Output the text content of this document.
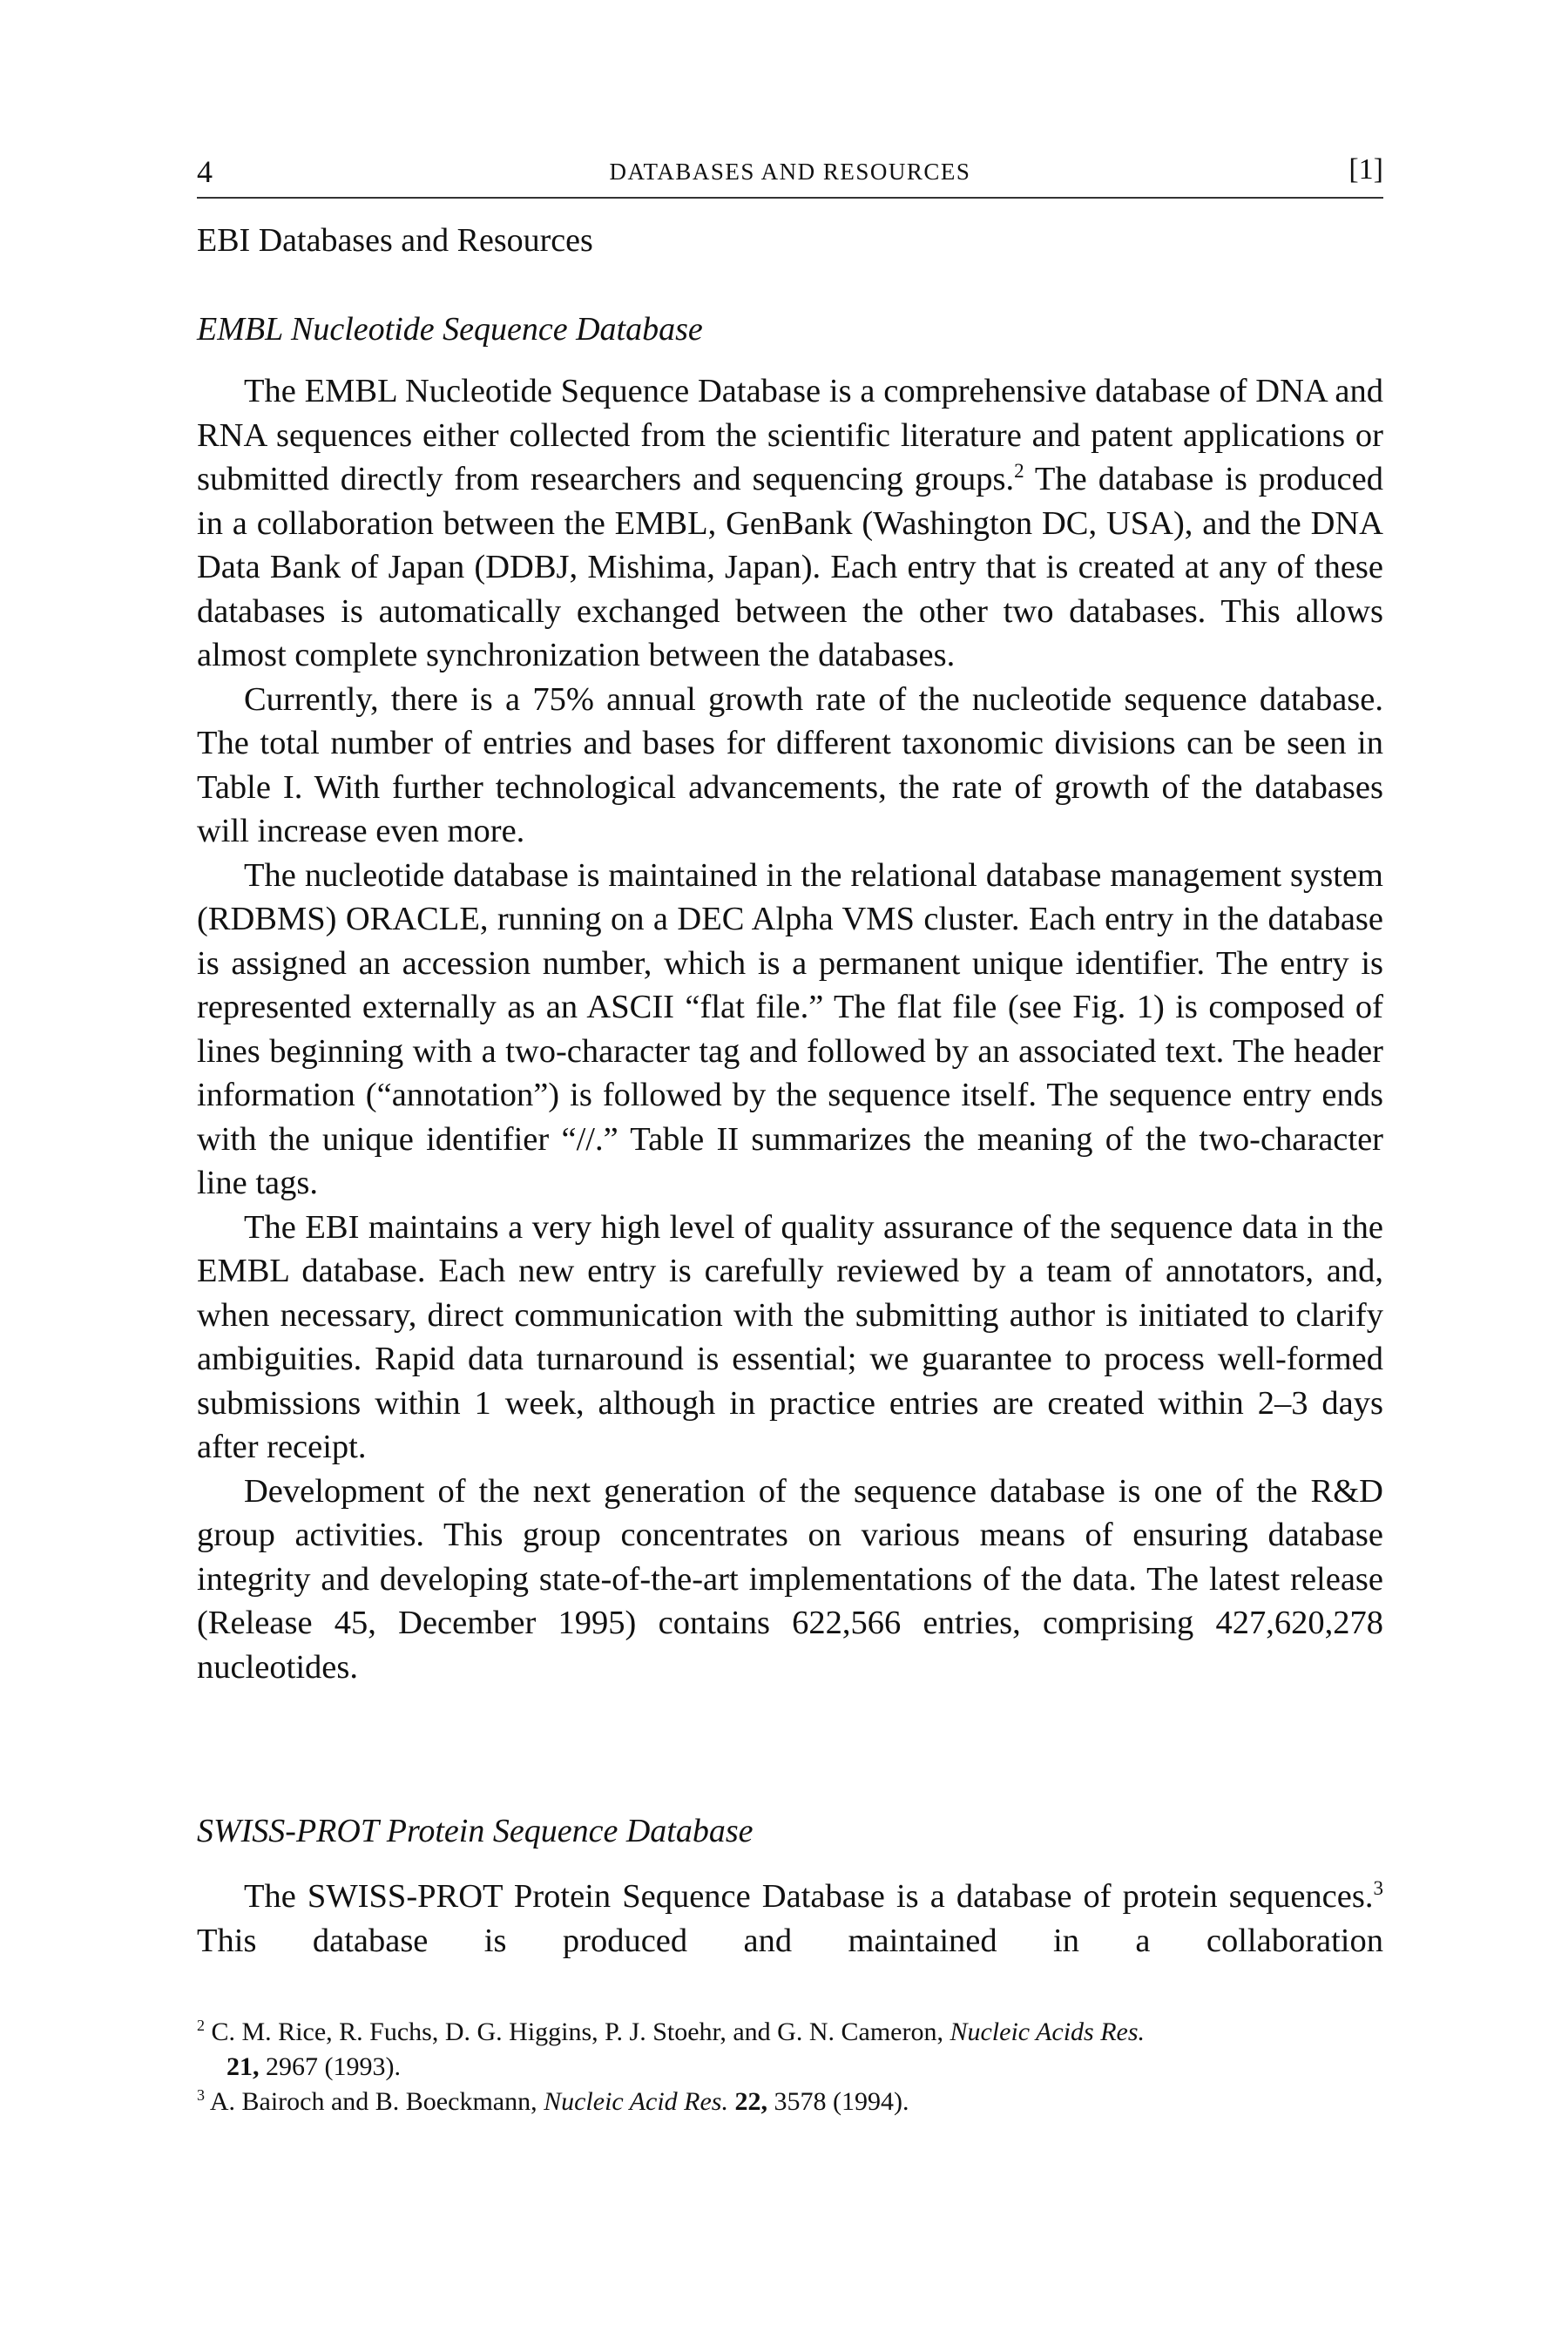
4	DATABASES AND RESOURCES	[1]
EBI Databases and Resources
EMBL Nucleotide Sequence Database

The EMBL Nucleotide Sequence Database is a comprehensive database of DNA and RNA sequences either collected from the scientific literature and patent applications or submitted directly from researchers and sequencing groups.$^2$ The database is produced in a collaboration between the EMBL, GenBank (Washington DC, USA), and the DNA Data Bank of Japan (DDBJ, Mishima, Japan). Each entry that is created at any of these databases is automatically exchanged between the other two databases. This allows almost complete synchronization between the databases.

Currently, there is a 75% annual growth rate of the nucleotide sequence database. The total number of entries and bases for different taxonomic divisions can be seen in Table I. With further technological advancements, the rate of growth of the databases will increase even more.

The nucleotide database is maintained in the relational database management system (RDBMS) ORACLE, running on a DEC Alpha VMS cluster. Each entry in the database is assigned an accession number, which is a permanent unique identifier. The entry is represented externally as an ASCII “flat file.” The flat file (see Fig. 1) is composed of lines beginning with a two-character tag and followed by an associated text. The header information (“annotation”) is followed by the sequence itself. The sequence entry ends with the unique identifier “//.” Table II summarizes the meaning of the two-character line tags.

The EBI maintains a very high level of quality assurance of the sequence data in the EMBL database. Each new entry is carefully reviewed by a team of annotators, and, when necessary, direct communication with the submitting author is initiated to clarify ambiguities. Rapid data turnaround is essential; we guarantee to process well-formed submissions within 1 week, although in practice entries are created within 2–3 days after receipt.

Development of the next generation of the sequence database is one of the R&D group activities. This group concentrates on various means of ensuring database integrity and developing state-of-the-art implementations of the data. The latest release (Release 45, December 1995) contains 622,566 entries, comprising 427,620,278 nucleotides.

SWISS-PROT Protein Sequence Database

The SWISS-PROT Protein Sequence Database is a database of protein sequences.$^3$ This database is produced and maintained in a collaboration

$^2$ C. M. Rice, R. Fuchs, D. G. Higgins, P. J. Stoehr, and G. N. Cameron, Nucleic Acids Res.
21, 2967 (1993).

$^3$ A. Bairoch and B. Boeckmann, Nucleic Acid Res. 22, 3578 (1994).
